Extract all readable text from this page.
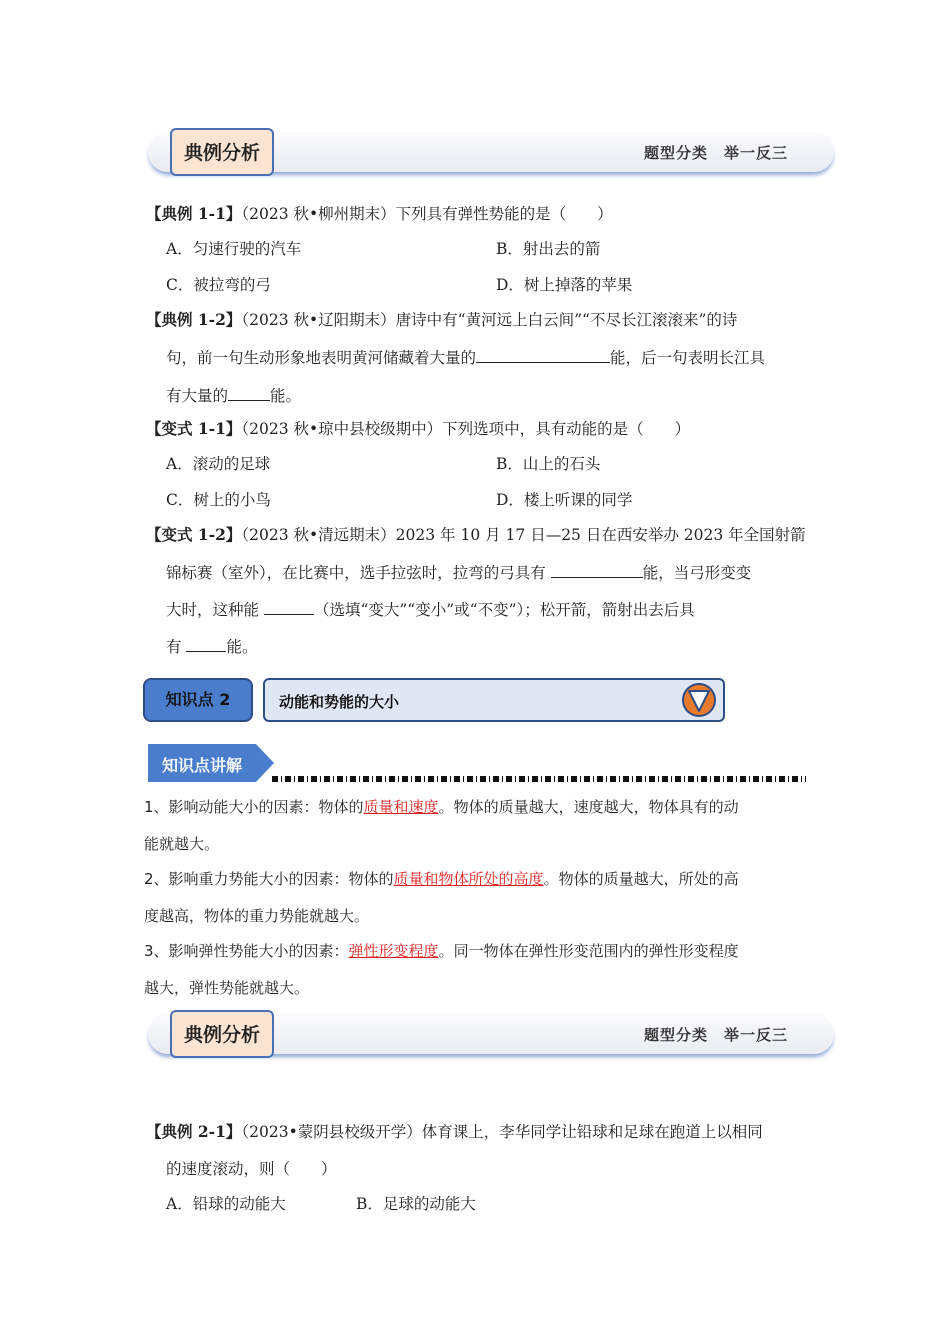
典例分析	题型分类　举一反三
【典例 1-1】（2023 秋•柳州期末）下列具有弹性势能的是（　　）
A．匀速行驶的汽车	B．射出去的箭
C．被拉弯的弓	D．树上掉落的苹果
【典例 1-2】（2023 秋•辽阳期末）唐诗中有“黄河远上白云间”“不尽长江滚滚来”的诗
句，前一句生动形象地表明黄河储藏着大量的	能，后一句表明长江具
有大量的	能。
【变式 1-1】（2023 秋•琼中县校级期中）下列选项中，具有动能的是（　　）
A．滚动的足球	B．山上的石头
C．树上的小鸟	D．楼上听课的同学
【变式 1-2】（2023 秋•清远期末）2023 年 10 月 17 日—25 日在西安举办 2023 年全国射箭
锦标赛（室外），在比赛中，选手拉弦时，拉弯的弓具有	能，当弓形变变
大时，这种能	（选填“变大”“变小”或“不变”）；松开箭，箭射出去后具
有	能。
知识点 2	动能和势能的大小
知识点讲解
1、影响动能大小的因素：物体的质量和速度。物体的质量越大，速度越大，物体具有的动
能就越大。
2、影响重力势能大小的因素：物体的质量和物体所处的高度。物体的质量越大，所处的高
度越高，物体的重力势能就越大。
3、影响弹性势能大小的因素：弹性形变程度。同一物体在弹性形变范围内的弹性形变程度
越大，弹性势能就越大。
典例分析	题型分类　举一反三
【典例 2-1】（2023•蒙阴县校级开学）体育课上，李华同学让铅球和足球在跑道上以相同
的速度滚动，则（　　）
A．铅球的动能大	B．足球的动能大
